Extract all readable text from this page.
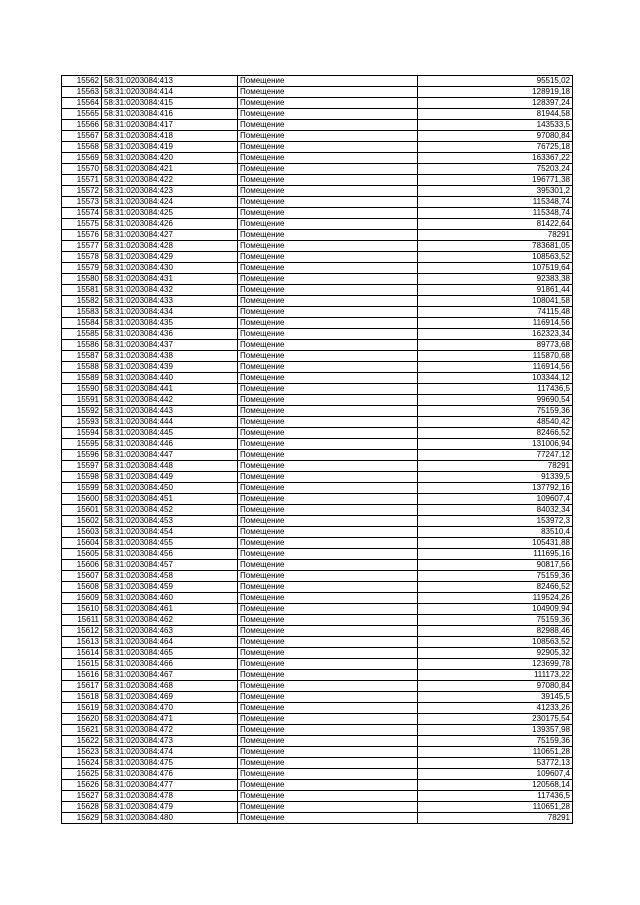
15562	58:31:0203084:413	Помещение	95515,02
15563	58:31:0203084:414	Помещение	128919,18
15564	58:31:0203084:415	Помещение	128397,24
15565	58:31:0203084:416	Помещение	81944,58
15566	58:31:0203084:417	Помещение	143533,5
15567	58:31:0203084:418	Помещение	97080,84
15568	58:31:0203084:419	Помещение	76725,18
15569	58:31:0203084:420	Помещение	163367,22
15570	58:31:0203084:421	Помещение	75203,24
15571	58:31:0203084:422	Помещение	196771,38
15572	58:31:0203084:423	Помещение	395301,2
15573	58:31:0203084:424	Помещение	115348,74
15574	58:31:0203084:425	Помещение	115348,74
15575	58:31:0203084:426	Помещение	81422,64
15576	58:31:0203084:427	Помещение	78291
15577	58:31:0203084:428	Помещение	783681,05
15578	58:31:0203084:429	Помещение	108563,52
15579	58:31:0203084:430	Помещение	107519,64
15580	58:31:0203084:431	Помещение	92383,38
15581	58:31:0203084:432	Помещение	91861,44
15582	58:31:0203084:433	Помещение	108041,58
15583	58:31:0203084:434	Помещение	74115,48
15584	58:31:0203084:435	Помещение	116914,56
15585	58:31:0203084:436	Помещение	162323,34
15586	58:31:0203084:437	Помещение	89773,68
15587	58:31:0203084:438	Помещение	115870,68
15588	58:31:0203084:439	Помещение	116914,56
15589	58:31:0203084:440	Помещение	103344,12
15590	58:31:0203084:441	Помещение	117436,5
15591	58:31:0203084:442	Помещение	99690,54
15592	58:31:0203084:443	Помещение	75159,36
15593	58:31:0203084:444	Помещение	48540,42
15594	58:31:0203084:445	Помещение	82466,52
15595	58:31:0203084:446	Помещение	131006,94
15596	58:31:0203084:447	Помещение	77247,12
15597	58:31:0203084:448	Помещение	78291
15598	58:31:0203084:449	Помещение	91339,5
15599	58:31:0203084:450	Помещение	137792,16
15600	58:31:0203084:451	Помещение	109607,4
15601	58:31:0203084:452	Помещение	84032,34
15602	58:31:0203084:453	Помещение	153972,3
15603	58:31:0203084:454	Помещение	83510,4
15604	58:31:0203084:455	Помещение	105431,88
15605	58:31:0203084:456	Помещение	111695,16
15606	58:31:0203084:457	Помещение	90817,56
15607	58:31:0203084:458	Помещение	75159,36
15608	58:31:0203084:459	Помещение	82466,52
15609	58:31:0203084:460	Помещение	119524,26
15610	58:31:0203084:461	Помещение	104909,94
15611	58:31:0203084:462	Помещение	75159,36
15612	58:31:0203084:463	Помещение	82988,46
15613	58:31:0203084:464	Помещение	108563,52
15614	58:31:0203084:465	Помещение	92905,32
15615	58:31:0203084:466	Помещение	123699,78
15616	58:31:0203084:467	Помещение	111173,22
15617	58:31:0203084:468	Помещение	97080,84
15618	58:31:0203084:469	Помещение	39145,5
15619	58:31:0203084:470	Помещение	41233,26
15620	58:31:0203084:471	Помещение	230175,54
15621	58:31:0203084:472	Помещение	139357,98
15622	58:31:0203084:473	Помещение	75159,36
15623	58:31:0203084:474	Помещение	110651,28
15624	58:31:0203084:475	Помещение	53772,13
15625	58:31:0203084:476	Помещение	109607,4
15626	58:31:0203084:477	Помещение	120568,14
15627	58:31:0203084:478	Помещение	117436,5
15628	58:31:0203084:479	Помещение	110651,28
15629	58:31:0203084:480	Помещение	78291
